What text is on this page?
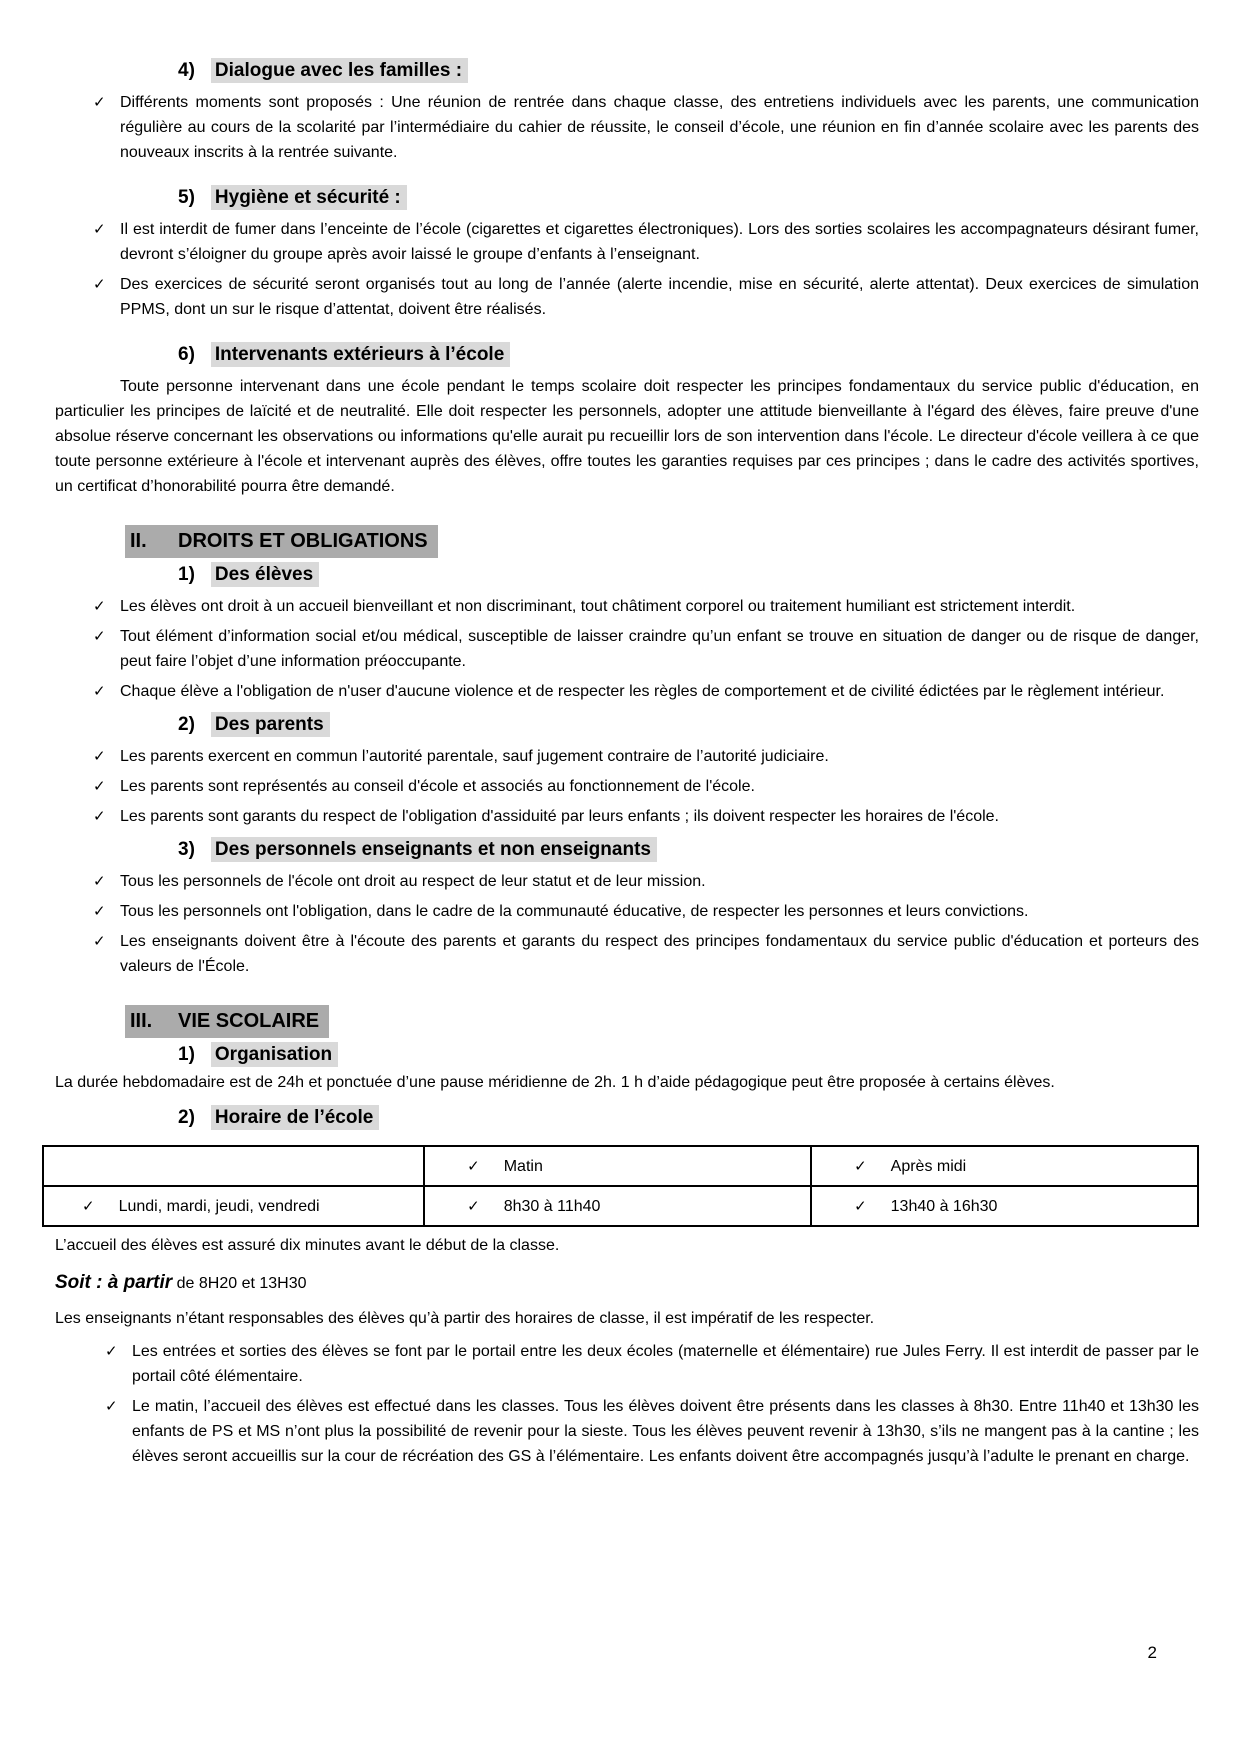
4) Dialogue avec les familles :
✓ Différents moments sont proposés : Une réunion de rentrée dans chaque classe, des entretiens individuels avec les parents, une communication régulière au cours de la scolarité par l’intermédiaire du cahier de réussite, le conseil d’école, une réunion en fin d’année scolaire avec les parents des nouveaux inscrits à la rentrée suivante.
5) Hygiène et sécurité :
✓ Il est interdit de fumer dans l’enceinte de l’école (cigarettes et cigarettes électroniques). Lors des sorties scolaires les accompagnateurs désirant fumer, devront s’éloigner du groupe après avoir laissé le groupe d’enfants à l’enseignant.
✓ Des exercices de sécurité seront organisés tout au long de l’année (alerte incendie, mise en sécurité, alerte attentat). Deux exercices de simulation PPMS, dont un sur le risque d’attentat, doivent être réalisés.
6) Intervenants extérieurs à l’école

Toute personne intervenant dans une école pendant le temps scolaire doit respecter les principes fondamentaux du service public d'éducation, en particulier les principes de laïcité et de neutralité. Elle doit respecter les personnels, adopter une attitude bienveillante à l'égard des élèves, faire preuve d'une absolue réserve concernant les observations ou informations qu'elle aurait pu recueillir lors de son intervention dans l'école. Le directeur d'école veillera à ce que toute personne extérieure à l'école et intervenant auprès des élèves, offre toutes les garanties requises par ces principes ; dans le cadre des activités sportives, un certificat d’honorabilité pourra être demandé.

II. DROITS ET OBLIGATIONS
1) Des élèves
✓ Les élèves ont droit à un accueil bienveillant et non discriminant, tout châtiment corporel ou traitement humiliant est strictement interdit.
✓ Tout élément d’information social et/ou médical, susceptible de laisser craindre qu’un enfant se trouve en situation de danger ou de risque de danger, peut faire l’objet d’une information préoccupante.
✓ Chaque élève a l'obligation de n'user d'aucune violence et de respecter les règles de comportement et de civilité édictées par le règlement intérieur.
2) Des parents
✓ Les parents exercent en commun l’autorité parentale, sauf jugement contraire de l’autorité judiciaire.
✓ Les parents sont représentés au conseil d'école et associés au fonctionnement de l'école.
✓ Les parents sont garants du respect de l'obligation d'assiduité par leurs enfants ; ils doivent respecter les horaires de l'école.
3) Des personnels enseignants et non enseignants
✓ Tous les personnels de l'école ont droit au respect de leur statut et de leur mission.
✓ Tous les personnels ont l'obligation, dans le cadre de la communauté éducative, de respecter les personnes et leurs convictions.
✓ Les enseignants doivent être à l'écoute des parents et garants du respect des principes fondamentaux du service public d'éducation et porteurs des valeurs de l'École.
III. VIE SCOLAIRE
1) Organisation

La durée hebdomadaire est de 24h et ponctuée d’une pause méridienne de 2h. 1 h d’aide pédagogique peut être proposée à certains élèves.

2) Horaire de l’école

	✓ Matin	✓ Après midi

✓ Lundi, mardi, jeudi, vendredi	✓ 8h30 à 11h40	✓ 13h40 à 16h30

L’accueil des élèves est assuré dix minutes avant le début de la classe.

Soit : à partir de 8H20 et 13H30

Les enseignants n’étant responsables des élèves qu’à partir des horaires de classe, il est impératif de les respecter.

✓ Les entrées et sorties des élèves se font par le portail entre les deux écoles (maternelle et élémentaire) rue Jules Ferry. Il est interdit de passer par le portail côté élémentaire.
✓ Le matin, l’accueil des élèves est effectué dans les classes. Tous les élèves doivent être présents dans les classes à 8h30. Entre 11h40 et 13h30 les enfants de PS et MS n’ont plus la possibilité de revenir pour la sieste. Tous les élèves peuvent revenir à 13h30, s’ils ne mangent pas à la cantine ; les élèves seront accueillis sur la cour de récréation des GS à l’élémentaire. Les enfants doivent être accompagnés jusqu’à l’adulte le prenant en charge.
2
